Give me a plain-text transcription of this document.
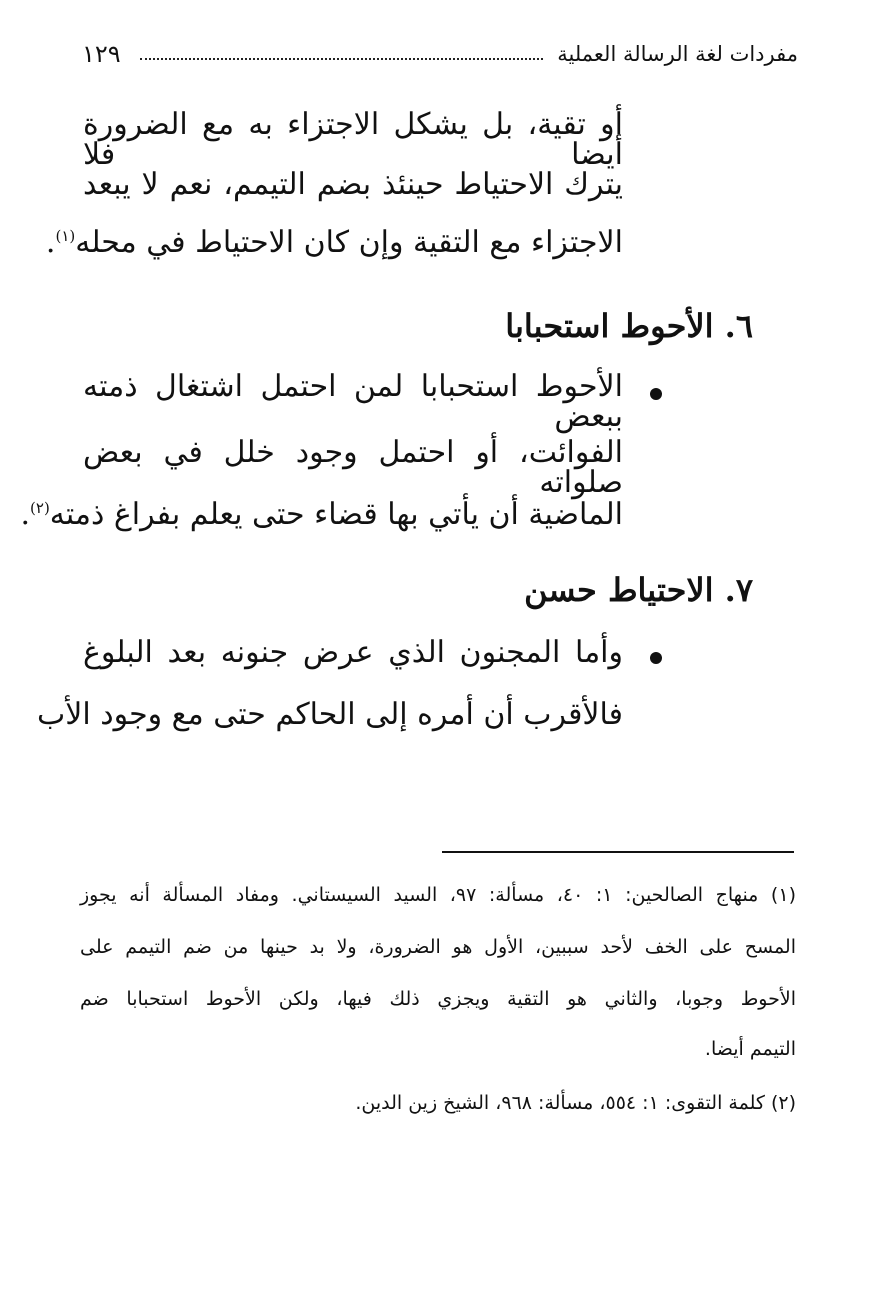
مفردات لغة الرسالة العملية
١٢٩
أو تقية، بل يشكل الاجتزاء به مع الضرورة أيضا فلا
يترك الاحتياط حينئذ بضم التيمم، نعم لا يبعد
الاجتزاء مع التقية وإن كان الاحتياط في محله$^{(١)}$.
٦. الأحوط استحبابا
الأحوط استحبابا لمن احتمل اشتغال ذمته ببعض
الفوائت، أو احتمل وجود خلل في بعض صلواته
الماضية أن يأتي بها قضاء حتى يعلم بفراغ ذمته$^{(٢)}$.
٧. الاحتياط حسن
وأما المجنون الذي عرض جنونه بعد البلوغ
فالأقرب أن أمره إلى الحاكم حتى مع وجود الأب
(١) منهاج الصالحين: ١: ٤٠، مسألة: ٩٧، السيد السيستاني. ومفاد المسألة أنه يجوز
المسح على الخف لأحد سببين، الأول هو الضرورة، ولا بد حينها من ضم التيمم على
الأحوط وجوبا، والثاني هو التقية ويجزي ذلك فيها، ولكن الأحوط استحبابا ضم
التيمم أيضا.
(٢) كلمة التقوى: ١: ٥٥٤، مسألة: ٩٦٨، الشيخ زين الدين.
